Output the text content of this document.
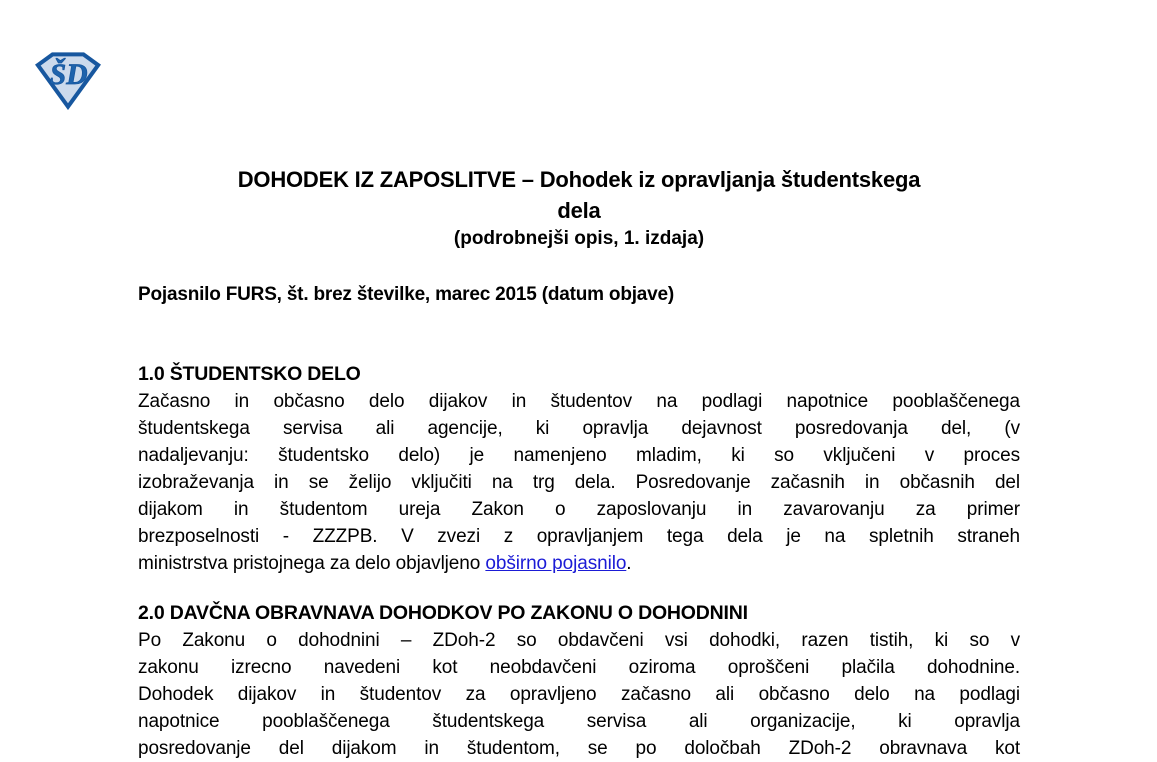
ŠD
DOHODEK IZ ZAPOSLITVE – Dohodek iz opravljanja študentskega
dela
(podrobnejši opis, 1. izdaja)
Pojasnilo FURS, št. brez številke, marec 2015 (datum objave)
1.0 ŠTUDENTSKO DELO
Začasno in občasno delo dijakov in študentov na podlagi napotnice pooblaščenega
študentskega servisa ali agencije, ki opravlja dejavnost posredovanja del, (v
nadaljevanju: študentsko delo) je namenjeno mladim, ki so vključeni v proces
izobraževanja in se želijo vključiti na trg dela. Posredovanje začasnih in občasnih del
dijakom in študentom ureja Zakon o zaposlovanju in zavarovanju za primer
brezposelnosti - ZZZPB. V zvezi z opravljanjem tega dela je na spletnih straneh
ministrstva pristojnega za delo objavljeno obširno pojasnilo.
2.0 DAVČNA OBRAVNAVA DOHODKOV PO ZAKONU O DOHODNINI
Po Zakonu o dohodnini – ZDoh-2 so obdavčeni vsi dohodki, razen tistih, ki so v
zakonu izrecno navedeni kot neobdavčeni oziroma oproščeni plačila dohodnine.
Dohodek dijakov in študentov za opravljeno začasno ali občasno delo na podlagi
napotnice pooblaščenega študentskega servisa ali organizacije, ki opravlja
posredovanje del dijakom in študentom, se po določbah ZDoh-2 obravnava kot
